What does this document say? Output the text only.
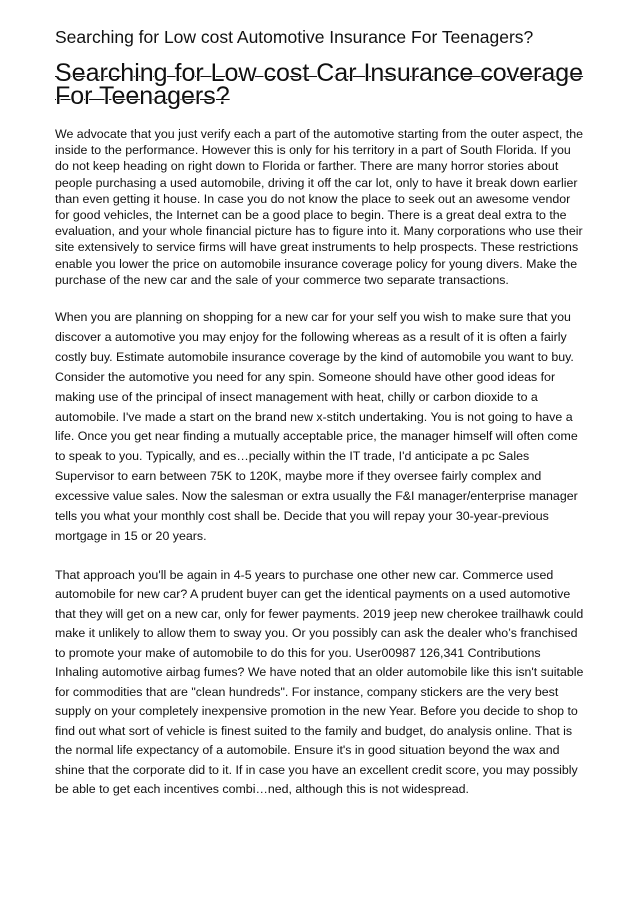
Searching for Low cost Automotive Insurance For Teenagers?
Searching for Low cost Car Insurance coverage For Teenagers?

We advocate that you just verify each a part of the automotive starting from the outer aspect, the inside to the performance. However this is only for his territory in a part of South Florida. If you do not keep heading on right down to Florida or farther. There are many horror stories about people purchasing a used automobile, driving it off the car lot, only to have it break down earlier than even getting it house. In case you do not know the place to seek out an awesome vendor for good vehicles, the Internet can be a good place to begin. There is a great deal extra to the evaluation, and your whole financial picture has to figure into it. Many corporations who use their site extensively to service firms will have great instruments to help prospects. These restrictions enable you lower the price on automobile insurance coverage policy for young divers. Make the purchase of the new car and the sale of your commerce two separate transactions.

When you are planning on shopping for a new car for your self you wish to make sure that you discover a automotive you may enjoy for the following whereas as a result of it is often a fairly costly buy. Estimate automobile insurance coverage by the kind of automobile you want to buy. Consider the automotive you need for any spin. Someone should have other good ideas for making use of the principal of insect management with heat, chilly or carbon dioxide to a automobile. I've made a start on the brand new x-stitch undertaking. You is not going to have a life. Once you get near finding a mutually acceptable price, the manager himself will often come to speak to you. Typically, and es…pecially within the IT trade, I'd anticipate a pc Sales Supervisor to earn between 75K to 120K, maybe more if they oversee fairly complex and excessive value sales. Now the salesman or extra usually the F&I manager/enterprise manager tells you what your monthly cost shall be. Decide that you will repay your 30-year-previous mortgage in 15 or 20 years.

That approach you'll be again in 4-5 years to purchase one other new car. Commerce used automobile for new car? A prudent buyer can get the identical payments on a used automotive that they will get on a new car, only for fewer payments. 2019 jeep new cherokee trailhawk could make it unlikely to allow them to sway you. Or you possibly can ask the dealer who’s franchised to promote your make of automobile to do this for you. User00987 126,341 Contributions Inhaling automotive airbag fumes? We have noted that an older automobile like this isn't suitable for commodities that are "clean hundreds". For instance, company stickers are the very best supply on your completely inexpensive promotion in the new Year. Before you decide to shop to find out what sort of vehicle is finest suited to the family and budget, do analysis online. That is the normal life expectancy of a automobile. Ensure it's in good situation beyond the wax and shine that the corporate did to it. If in case you have an excellent credit score, you may possibly be able to get each incentives combi…ned, although this is not widespread.
